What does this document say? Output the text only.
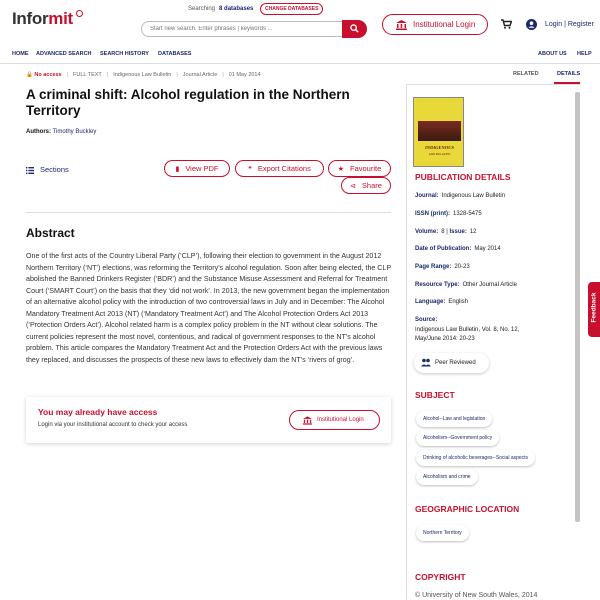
Informit	Searching 8 databases	CHANGE DATABASES
Start new search. Enter phrases | keywords ...
Institutional Login	Login | Register
HOME ADVANCED SEARCH SEARCH HISTORY DATABASES	ABOUT US HELP
🔒 No access | FULL TEXT | Indigenous Law Bulletin | Journal Article | 01 May 2014
A criminal shift: Alcohol regulation in the Northern Territory
Authors: Timothy Buckley
Sections	▮ View PDF	❝ Export Citations	★ Favourite
⊲ Share
Abstract

One of the first acts of the Country Liberal Party (‘CLP’), following their election to government in the August 2012 Northern Territory (‘NT’) elections, was reforming the Territory’s alcohol regulation. Soon after being elected, the CLP abolished the Banned Drinkers Register (‘BDR’) and the Substance Misuse Assessment and Referral for Treatment Court (‘SMART Court’) on the basis that they ‘did not work’. In 2013, the new government began the implementation of an alternative alcohol policy with the introduction of two controversial laws in July and in December: The Alcohol Mandatory Treatment Act 2013 (NT) (‘Mandatory Treatment Act’) and The Alcohol Protection Orders Act 2013 (‘Protection Orders Act’). Alcohol related harm is a complex policy problem in the NT without clear solutions. The current policies represent the most novel, contentious, and radical of government responses to the NT’s alcohol problem. This article compares the Mandatory Treatment Act and the Protection Orders Act with the previous laws they replaced, and discusses the prospects of these new laws to effectively dam the NT’s ‘rivers of grog’.

You may already have access
Login via your institutional account to check your access
Institutional Login
RELATED	DETAILS
INDIGENOUS
LAW BULLETIN
PUBLICATION DETAILS
Journal: Indigenous Law Bulletin
ISSN (print): 1328-5475
Volume: 8 | Issue: 12
Date of Publication: May 2014
Page Range: 20-23
Resource Type: Other Journal Article
Language: English
Source:
Indigenous Law Bulletin, Vol. 8, No. 12,
May/June 2014: 20-23
Peer Reviewed
SUBJECT
Alcohol--Law and legislation
Alcoholism--Government policy
Drinking of alcoholic beverages--Social aspects
Alcoholism and crime
GEOGRAPHIC LOCATION
Northern Territory
COPYRIGHT
© University of New South Wales, 2014
Feedback
